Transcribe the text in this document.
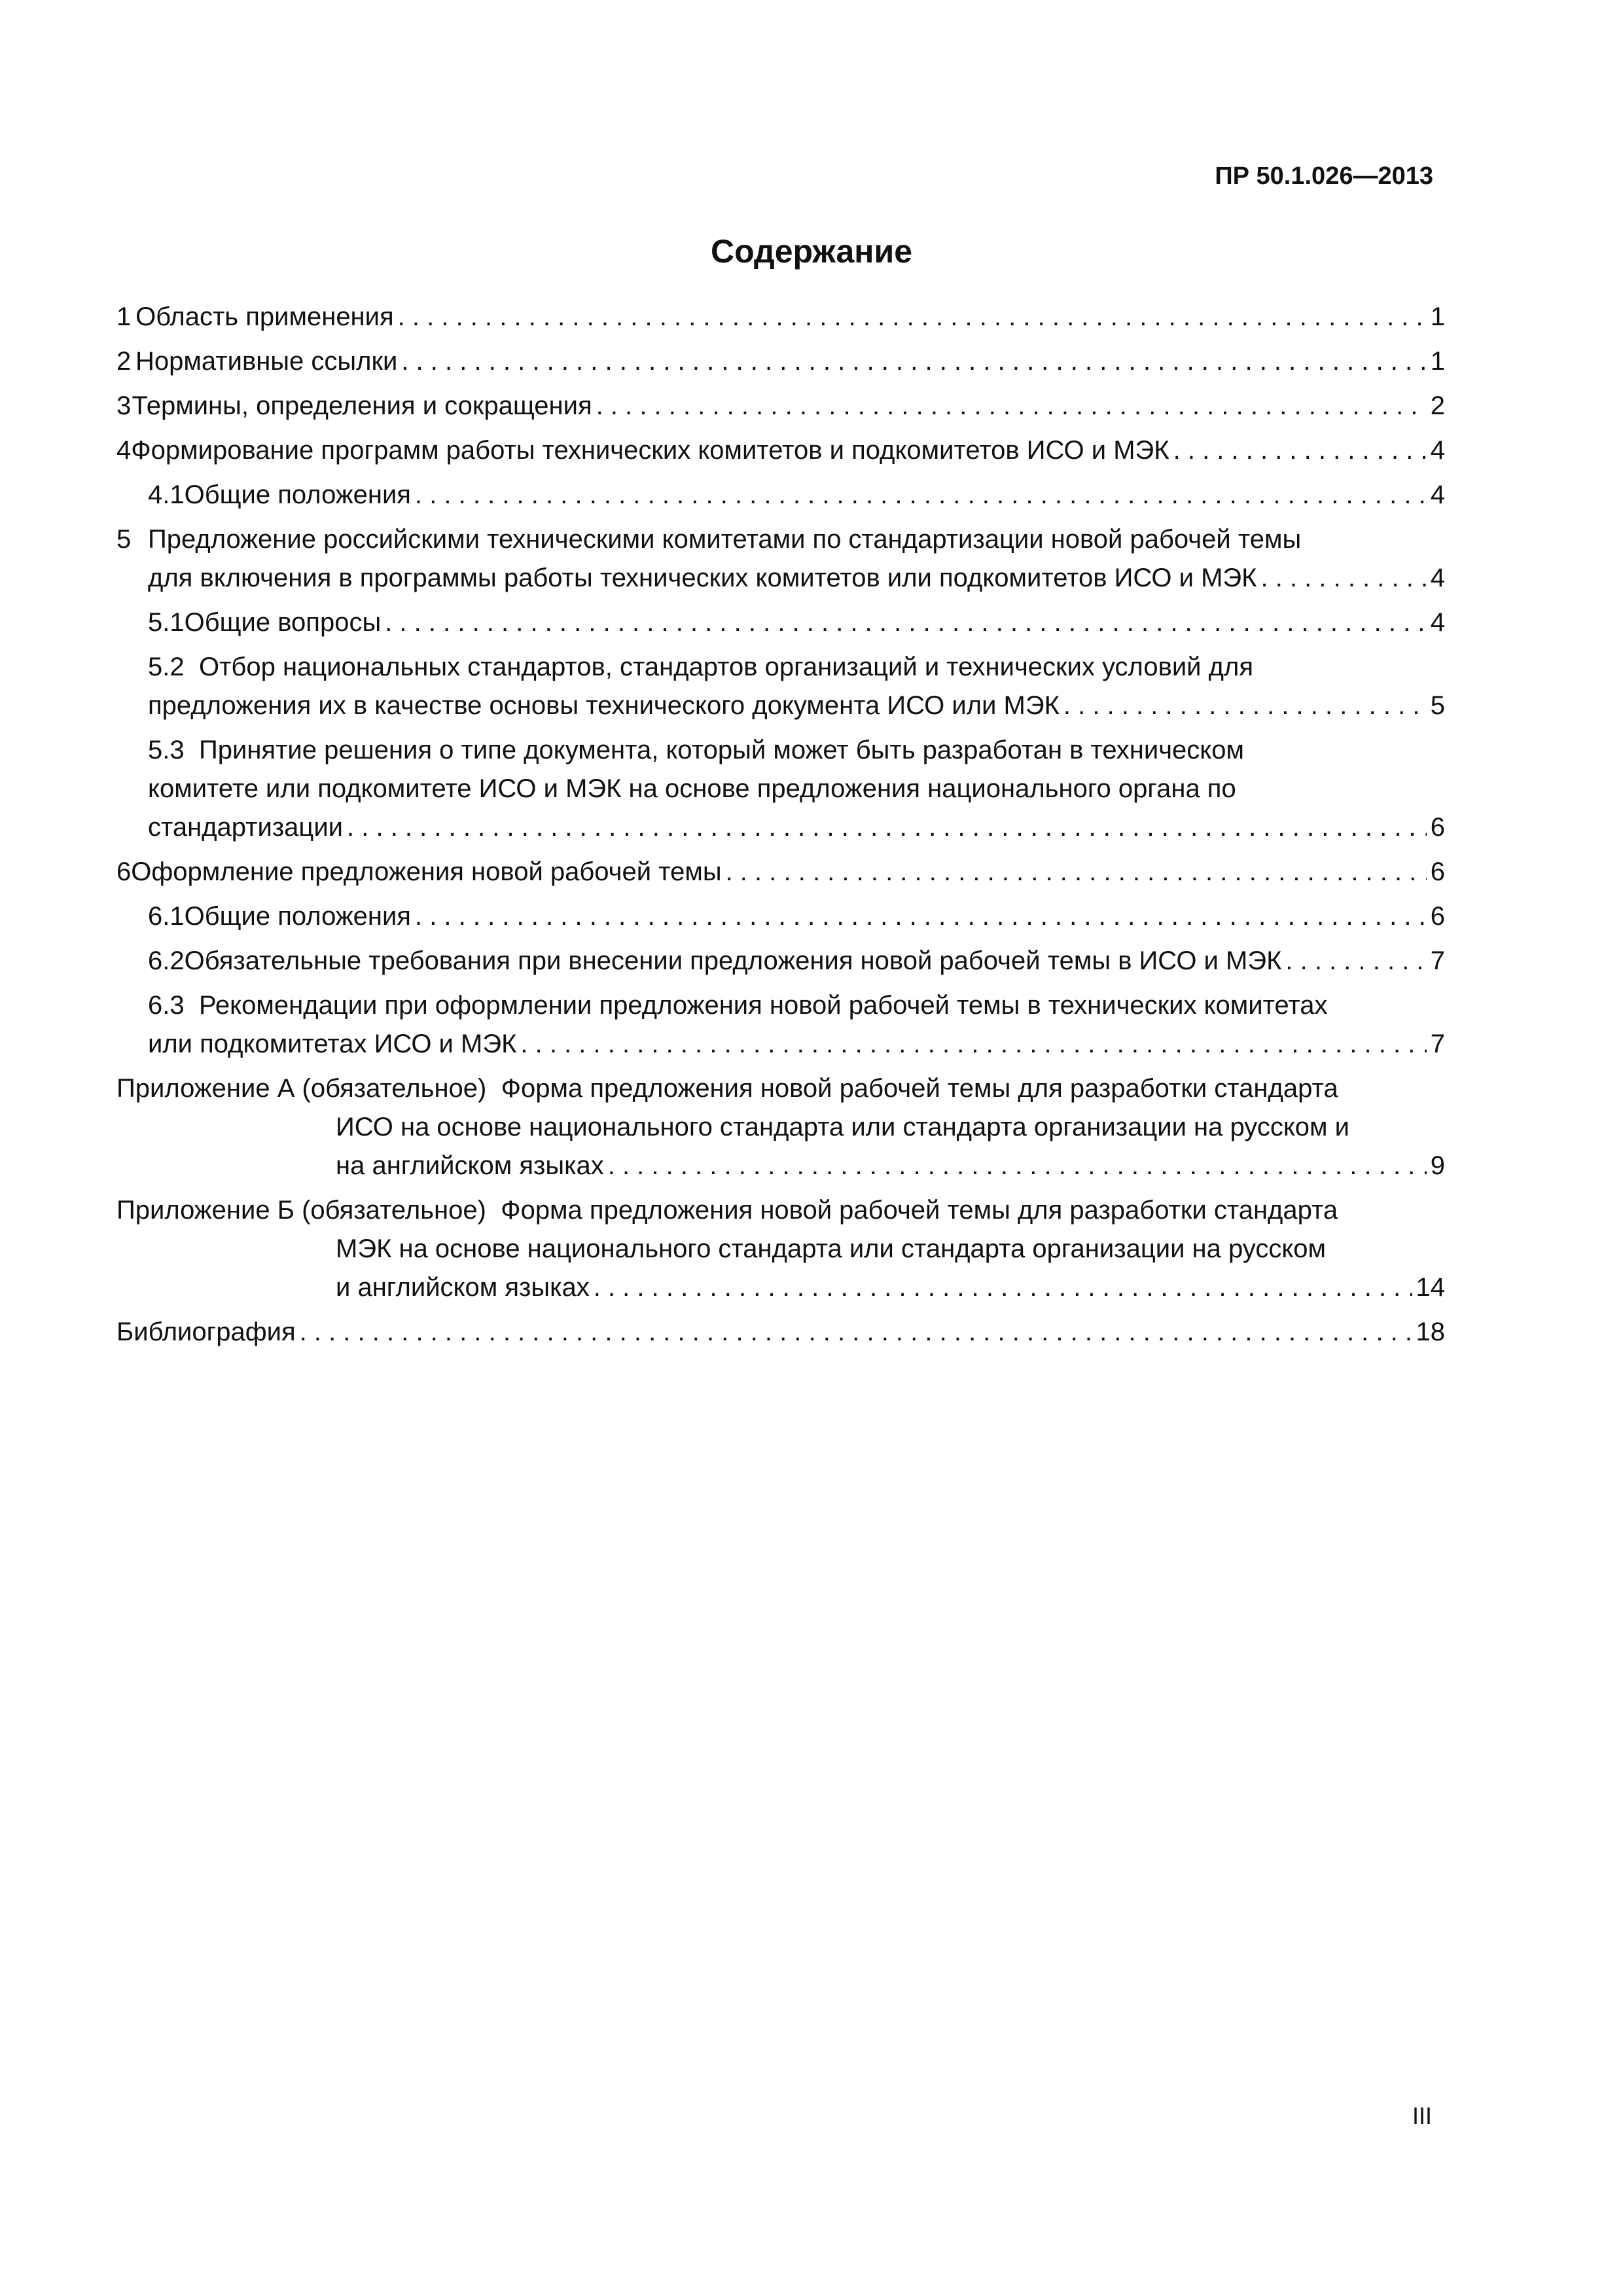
ПР 50.1.026—2013
Содержание
1 Область применения . . .	1
2 Нормативные ссылки . . .	1
3 Термины, определения и сокращения . . .	2
4 Формирование программ работы технических комитетов и подкомитетов ИСО и МЭК . . .	4
4.1 Общие положения . . .	4
5 Предложение российскими техническими комитетами по стандартизации новой рабочей темы
для включения в программы работы технических комитетов или подкомитетов ИСО и МЭК . . .	4
5.1 Общие вопросы . . .	4
5.2 Отбор национальных стандартов, стандартов организаций и технических условий для
предложения их в качестве основы технического документа ИСО или МЭК . . .	5
5.3 Принятие решения о типе документа, который может быть разработан в техническом
комитете или подкомитете ИСО и МЭК на основе предложения национального органа по
стандартизации . . .	6
6 Оформление предложения новой рабочей темы . . .	6
6.1 Общие положения . . .	6
6.2 Обязательные требования при внесении предложения новой рабочей темы в ИСО и МЭК . . .	7
6.3 Рекомендации при оформлении предложения новой рабочей темы в технических комитетах
или подкомитетах ИСО и МЭК . . .	7
Приложение А (обязательное) Форма предложения новой рабочей темы для разработки стандарта
ИСО на основе национального стандарта или стандарта организации на русском и
на английском языках . . .	9
Приложение Б (обязательное) Форма предложения новой рабочей темы для разработки стандарта
МЭК на основе национального стандарта или стандарта организации на русском
и английском языках . . .	14
Библиография . . .	18
III
